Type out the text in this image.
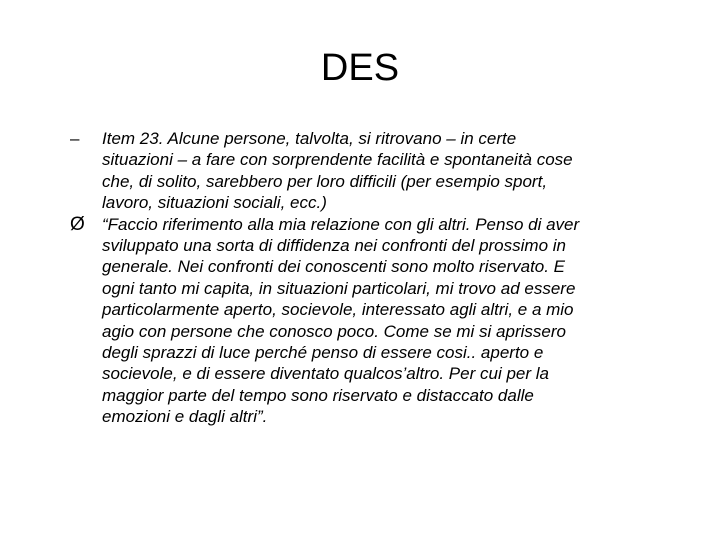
DES
–	Item 23. Alcune persone, talvolta, si ritrovano – in certe
situazioni – a fare con sorprendente facilità e spontaneità cose
che, di solito, sarebbero per loro difficili (per esempio sport,
lavoro, situazioni sociali, ecc.)

Ø	“Faccio riferimento alla mia relazione con gli altri. Penso di aver
sviluppato una sorta di diffidenza nei confronti del prossimo in
generale. Nei confronti dei conoscenti sono molto riservato. E
ogni tanto mi capita, in situazioni particolari, mi trovo ad essere
particolarmente aperto, socievole, interessato agli altri, e a mio
agio con persone che conosco poco. Come se mi si aprissero
degli sprazzi di luce perché penso di essere cosi.. aperto e
socievole, e di essere diventato qualcos’altro. Per cui per la
maggior parte del tempo sono riservato e distaccato dalle
emozioni e dagli altri”.
